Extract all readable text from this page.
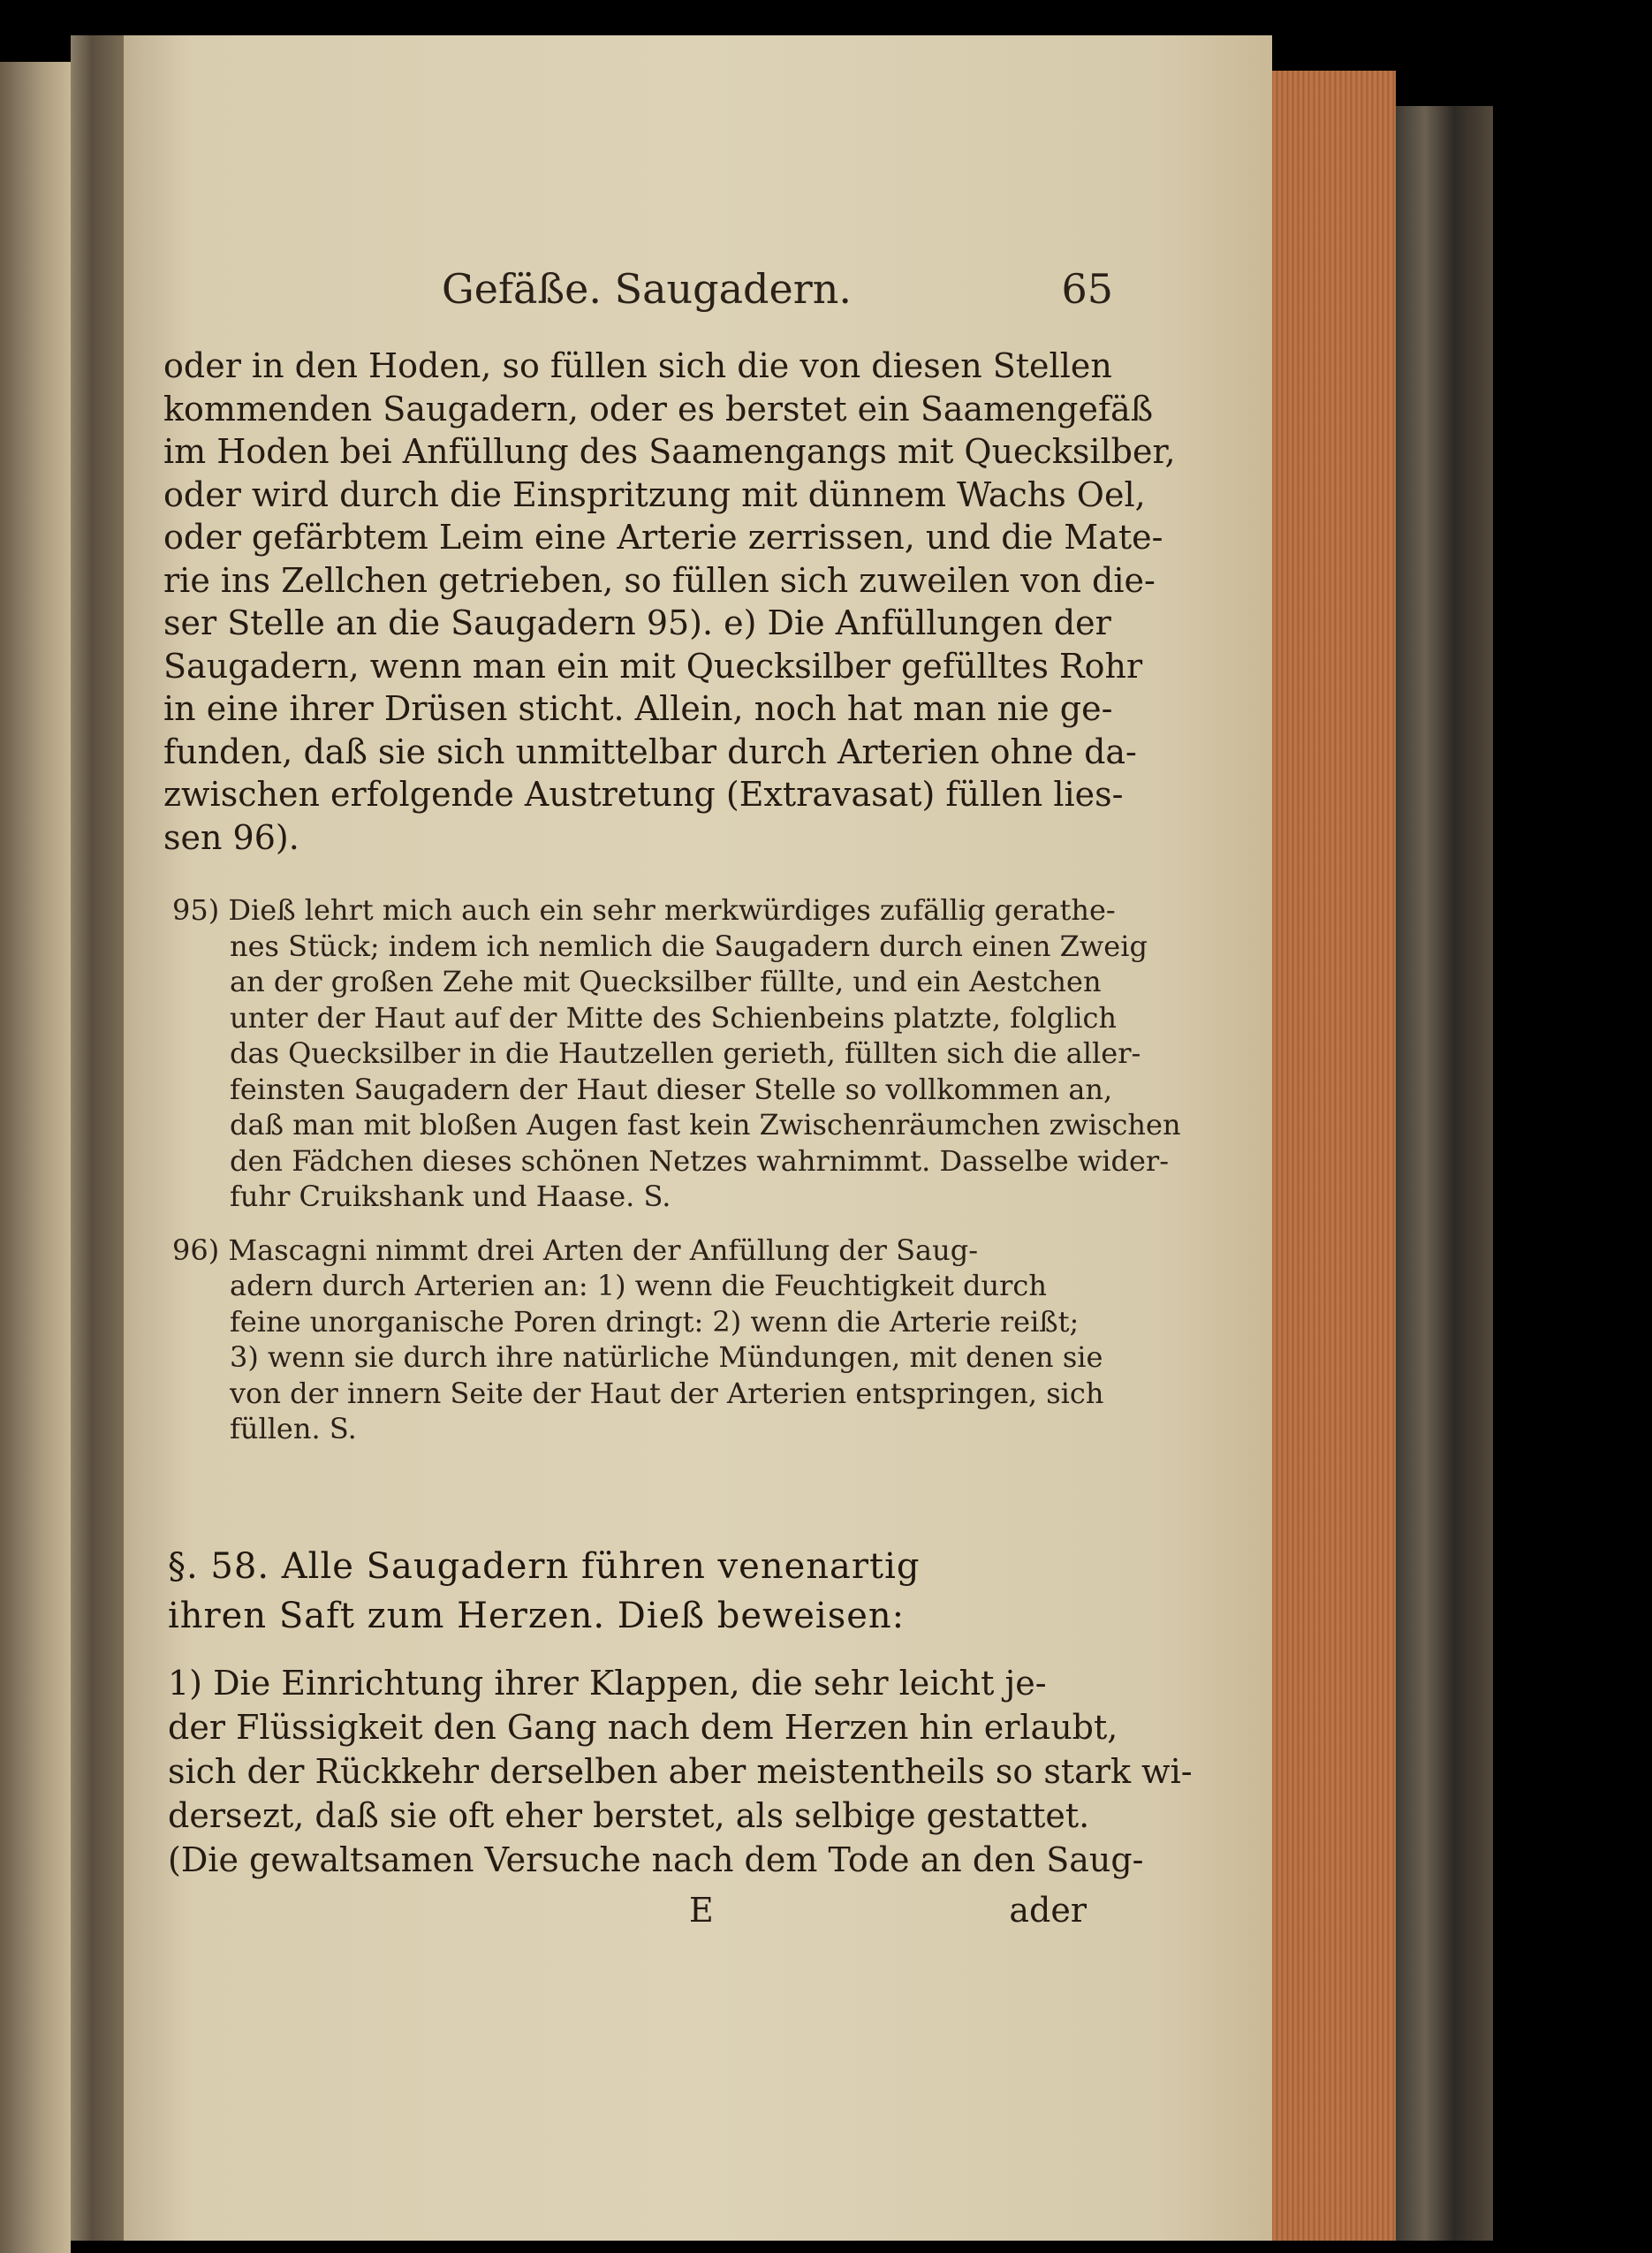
Gefäße. Saugadern.	65
oder in den Hoden, so füllen sich die von diesen Stellen
kommenden Saugadern, oder es berstet ein Saamengefäß
im Hoden bei Anfüllung des Saamengangs mit Quecksilber,
oder wird durch die Einspritzung mit dünnem Wachs Oel,
oder gefärbtem Leim eine Arterie zerrissen, und die Mate-
rie ins Zellchen getrieben, so füllen sich zuweilen von die-
ser Stelle an die Saugadern 95). e) Die Anfüllungen der
Saugadern, wenn man ein mit Quecksilber gefülltes Rohr
in eine ihrer Drüsen sticht. Allein, noch hat man nie ge-
funden, daß sie sich unmittelbar durch Arterien ohne da-
zwischen erfolgende Austretung (Extravasat) füllen lies-
sen 96).
95) Dieß lehrt mich auch ein sehr merkwürdiges zufällig gerathe-
nes Stück; indem ich nemlich die Saugadern durch einen Zweig
an der großen Zehe mit Quecksilber füllte, und ein Aestchen
unter der Haut auf der Mitte des Schienbeins platzte, folglich
das Quecksilber in die Hautzellen gerieth, füllten sich die aller-
feinsten Saugadern der Haut dieser Stelle so vollkommen an,
daß man mit bloßen Augen fast kein Zwischenräumchen zwischen
den Fädchen dieses schönen Netzes wahrnimmt. Dasselbe wider-
fuhr Cruikshank und Haase. S.
96) Mascagni nimmt drei Arten der Anfüllung der Saug-
adern durch Arterien an: 1) wenn die Feuchtigkeit durch
feine unorganische Poren dringt: 2) wenn die Arterie reißt;
3) wenn sie durch ihre natürliche Mündungen, mit denen sie
von der innern Seite der Haut der Arterien entspringen, sich
füllen. S.
§. 58. Alle Saugadern führen venenartig
ihren Saft zum Herzen. Dieß beweisen:
1) Die Einrichtung ihrer Klappen, die sehr leicht je-
der Flüssigkeit den Gang nach dem Herzen hin erlaubt,
sich der Rückkehr derselben aber meistentheils so stark wi-
dersezt, daß sie oft eher berstet, als selbige gestattet.
(Die gewaltsamen Versuche nach dem Tode an den Saug-
E	ader
